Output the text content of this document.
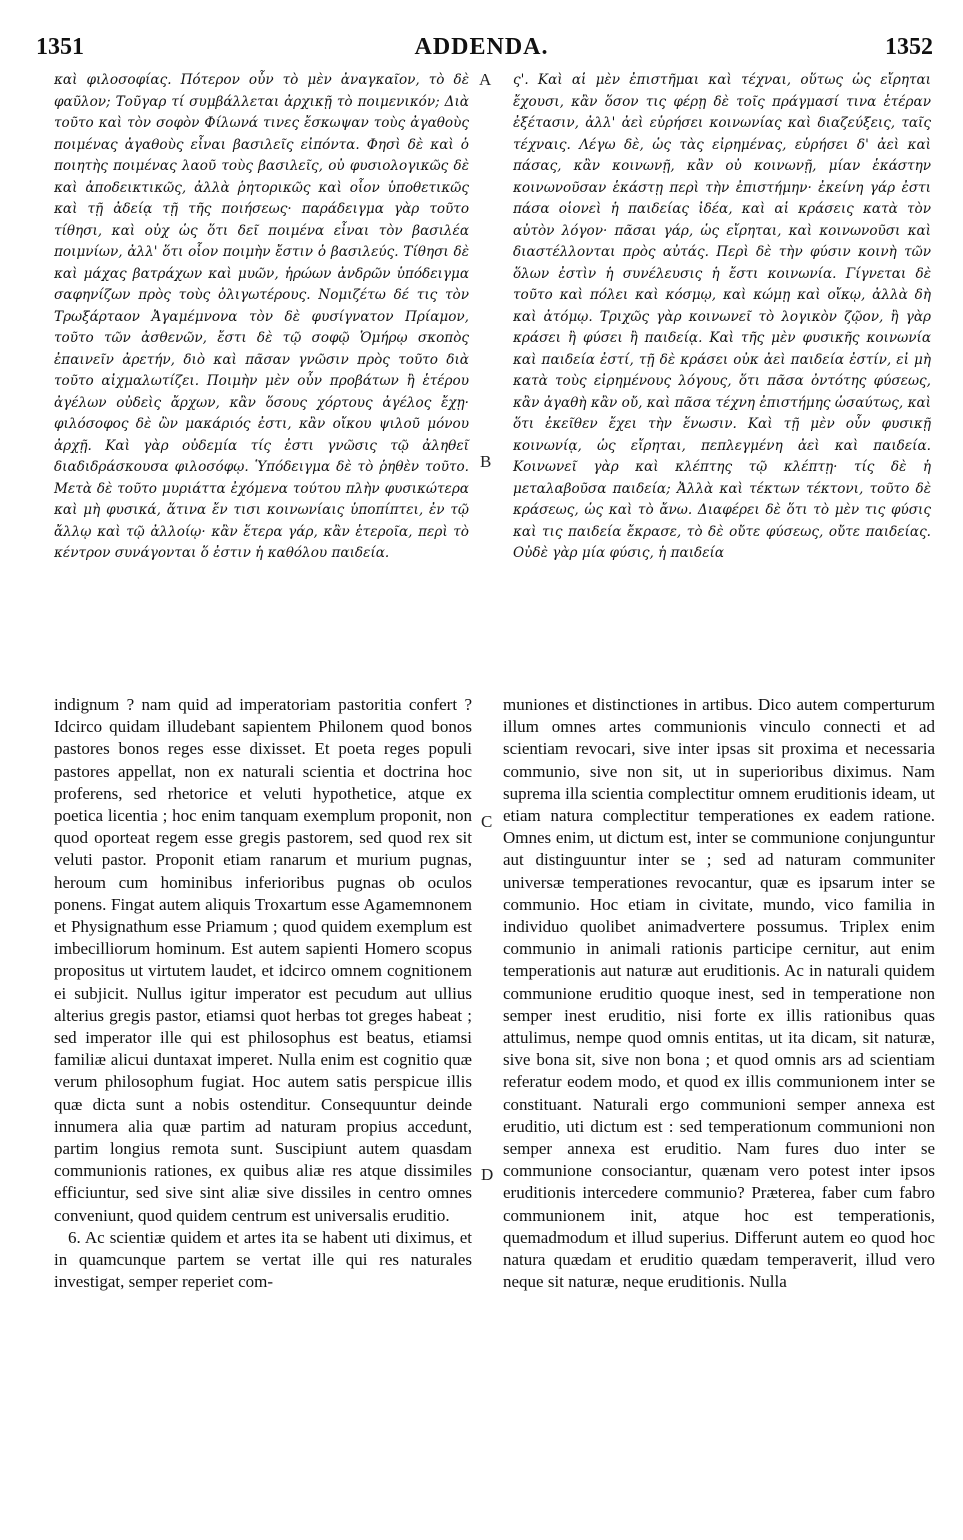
1351	ADDENDA.	1352

καὶ φιλοσοφίας. Πότερον οὖν τὸ μὲν ἀναγκαῖον, τὸ δὲ φαῦλον; Τοῦγαρ τί συμβάλλεται ἀρχικῇ τὸ ποιμενικόν; Διὰ τοῦτο καὶ τὸν σοφὸν Φίλωνά τινες ἔσκωψαν τοὺς ἀγαθοὺς ποιμένας ἀγαθοὺς εἶναι βασιλεῖς εἰπόντα. Φησὶ δὲ καὶ ὁ ποιητὴς ποιμένας λαοῦ τοὺς βασιλεῖς, οὐ φυσιολογικῶς δὲ καὶ ἀποδεικτικῶς, ἀλλὰ ῥητορικῶς καὶ οἷον ὑποθετικῶς καὶ τῇ ἀδείᾳ τῇ τῆς ποιήσεως· παράδειγμα γὰρ τοῦτο τίθησι, καὶ οὐχ ὡς ὅτι δεῖ ποιμένα εἶναι τὸν βασιλέα ποιμνίων, ἀλλ' ὅτι οἷον ποιμὴν ἔστιν ὁ βασιλεύς. Τίθησι δὲ καὶ μάχας βατράχων καὶ μυῶν, ἡρώων ἀνδρῶν ὑπόδειγμα σαφηνίζων πρὸς τοὺς ὀλιγωτέρους. Νομιζέτω δέ τις τὸν Τρωξάρταον Ἀγαμέμνονα τὸν δὲ φυσίγνατον Πρίαμον, τοῦτο τῶν ἀσθενῶν, ἔστι δὲ τῷ σοφῷ Ὁμήρῳ σκοπὸς ἐπαινεῖν ἀρετήν, διὸ καὶ πᾶσαν γνῶσιν πρὸς τοῦτο διὰ τοῦτο αἰχμαλωτίζει. Ποιμὴν μὲν οὖν προβάτων ἢ ἑτέρου ἀγέλων οὐδεὶς ἄρχων, κἂν ὅσους χόρτους ἀγέλος ἔχῃ· φιλόσοφος δὲ ὢν μακάριός ἐστι, κἂν οἴκου ψιλοῦ μόνου ἀρχῇ. Καὶ γὰρ οὐδεμία τίς ἐστι γνῶσις τῷ ἀληθεῖ διαδιδράσκουσα φιλοσόφῳ. Ὑπόδειγμα δὲ τὸ ῥηθὲν τοῦτο. Μετὰ δὲ τοῦτο μυριάττα ἐχόμενα τούτου πλὴν φυσικώτερα καὶ μὴ φυσικά, ἅτινα ἔν τισι κοινωνίαις ὑποπίπτει, ἐν τῷ ἄλλῳ καὶ τῷ ἀλλοίῳ· κἂν ἕτερα γάρ, κἂν ἑτεροῖα, περὶ τὸ κέντρον συνάγονται ὅ ἐστιν ἡ καθόλου παιδεία.

ς'. Καὶ αἱ μὲν ἐπιστῆμαι καὶ τέχναι, οὕτως ὡς εἴρηται ἔχουσι, κἂν ὅσον τις φέρῃ δὲ τοῖς πράγμασί τινα ἑτέραν ἐξέτασιν, ἀλλ' ἀεὶ εὑρήσει κοινωνίας καὶ διαζεύξεις, ταῖς τέχναις. Λέγω δὲ, ὡς τὰς εἰρημένας, εὑρήσει δ' ἀεὶ καὶ πάσας, κἂν κοινωνῇ, κἂν οὐ κοινωνῇ, μίαν ἑκάστην κοινωνοῦσαν ἑκάστῃ περὶ τὴν ἐπιστήμην· ἐκείνη γάρ ἐστι πάσα οἱονεὶ ἡ παιδείας ἰδέα, καὶ αἱ κράσεις κατὰ τὸν αὐτὸν λόγον· πᾶσαι γάρ, ὡς εἴρηται, καὶ κοινωνοῦσι καὶ διαστέλλονται πρὸς αὐτάς. Περὶ δὲ τὴν φύσιν κοινὴ τῶν ὅλων ἐστὶν ἡ συνέλευσις ἡ ἔστι κοινωνία. Γίγνεται δὲ τοῦτο καὶ πόλει καὶ κόσμῳ, καὶ κώμῃ καὶ οἴκῳ, ἀλλὰ δὴ καὶ ἀτόμῳ. Τριχῶς γὰρ κοινωνεῖ τὸ λογικὸν ζῷον, ἢ γὰρ κράσει ἢ φύσει ἢ παιδείᾳ. Καὶ τῆς μὲν φυσικῆς κοινωνία καὶ παιδεία ἐστί, τῇ δὲ κράσει οὐκ ἀεὶ παιδεία ἐστίν, εἰ μὴ κατὰ τοὺς εἰρημένους λόγους, ὅτι πᾶσα ὀντότης φύσεως, κἂν ἀγαθὴ κἂν οὔ, καὶ πᾶσα τέχνη ἐπιστήμης ὡσαύτως, καὶ ὅτι ἐκεῖθεν ἔχει τὴν ἕνωσιν. Καὶ τῇ μὲν οὖν φυσικῇ κοινωνίᾳ, ὡς εἴρηται, πεπλεγμένη ἀεὶ καὶ παιδεία. Κοινωνεῖ γὰρ καὶ κλέπτης τῷ κλέπτῃ· τίς δὲ ἡ μεταλαβοῦσα παιδεία; Ἀλλὰ καὶ τέκτων τέκτονι, τοῦτο δὲ κράσεως, ὡς καὶ τὸ ἄνω. Διαφέρει δὲ ὅτι τὸ μὲν τις φύσις καὶ τις παιδεία ἔκρασε, τὸ δὲ οὔτε φύσεως, οὔτε παιδείας. Οὐδὲ γὰρ μία φύσις, ἡ παιδεία

A
B
C
D

indignum ? nam quid ad imperatoriam pastoritia confert ? Idcirco quidam illudebant sapientem Philonem quod bonos pastores bonos reges esse dixisset. Et poeta reges populi pastores appellat, non ex naturali scientia et doctrina hoc proferens, sed rhetorice et veluti hypothetice, atque ex poetica licentia ; hoc enim tanquam exemplum proponit, non quod oporteat regem esse gregis pastorem, sed quod rex sit veluti pastor. Proponit etiam ranarum et murium pugnas, heroum cum hominibus inferioribus pugnas ob oculos ponens. Fingat autem aliquis Troxartum esse Agamemnonem et Physignathum esse Priamum ; quod quidem exemplum est imbecilliorum hominum. Est autem sapienti Homero scopus propositus ut virtutem laudet, et idcirco omnem cognitionem ei subjicit. Nullus igitur imperator est pecudum aut ullius alterius gregis pastor, etiamsi quot herbas tot greges habeat ; sed imperator ille qui est philosophus est beatus, etiamsi familiæ alicui duntaxat imperet. Nulla enim est cognitio quæ verum philosophum fugiat. Hoc autem satis perspicue illis quæ dicta sunt a nobis ostenditur. Consequuntur deinde innumera alia quæ partim ad naturam propius accedunt, partim longius remota sunt. Suscipiunt autem quasdam communionis rationes, ex quibus aliæ res atque dissimiles efficiuntur, sed sive sint aliæ sive dissiles in centro omnes conveniunt, quod quidem centrum est universalis eruditio.

6. Ac scientiæ quidem et artes ita se habent uti diximus, et in quamcunque partem se vertat ille qui res naturales investigat, semper reperiet com-

muniones et distinctiones in artibus. Dico autem comperturum illum omnes artes communionis vinculo connecti et ad scientiam revocari, sive inter ipsas sit proxima et necessaria communio, sive non sit, ut in superioribus diximus. Nam suprema illa scientia complectitur omnem eruditionis ideam, ut etiam natura complectitur temperationes ex eadem ratione. Omnes enim, ut dictum est, inter se communione conjunguntur aut distinguuntur inter se ; sed ad naturam communiter universæ temperationes revocantur, quæ es ipsarum inter se communio. Hoc etiam in civitate, mundo, vico familia in individuo quolibet animadvertere possumus. Triplex enim communio in animali rationis participe cernitur, aut enim temperationis aut naturæ aut eruditionis. Ac in naturali quidem communione eruditio quoque inest, sed in temperatione non semper inest eruditio, nisi forte ex illis rationibus quas attulimus, nempe quod omnis entitas, ut ita dicam, sit naturæ, sive bona sit, sive non bona ; et quod omnis ars ad scientiam referatur eodem modo, et quod ex illis communionem inter se constituant. Naturali ergo communioni semper annexa est eruditio, uti dictum est : sed temperationum communioni non semper annexa est eruditio. Nam fures duo inter se communione consociantur, quænam vero potest inter ipsos eruditionis intercedere communio? Præterea, faber cum fabro communionem init, atque hoc est temperationis, quemadmodum et illud superius. Differunt autem eo quod hoc natura quædam et eruditio quædam temperaverit, illud vero neque sit naturæ, neque eruditionis. Nulla
